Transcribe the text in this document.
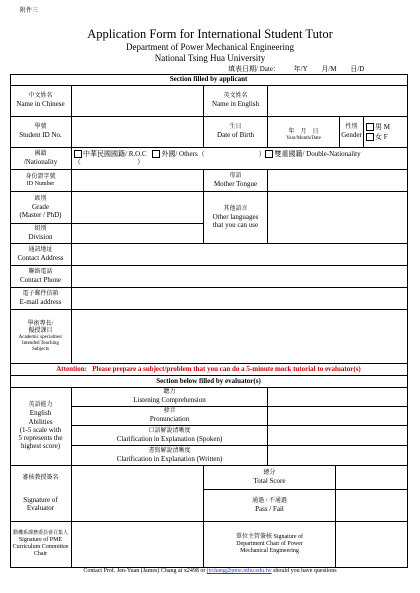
附件三
Application Form for International Student Tutor
Department of Power Mechanical Engineering
National Tsing Hua University
填表日期/ Date： 年/Y 月/M 日/D
Section filled by applicant
中文姓名
Name in Chinese
英文姓名
Name in English
學號
Student ID No.
生日
Date of Birth	年　月　日
Year/Month/Date
性別
Gender
男 M
女 F
國籍
/Nationality
中華民國國籍/ R.O.C 外國/ Others（	） 雙重國籍/ Double-Nationality
（　　　　　　　　）
身份證字號
ID Number
母語
Mother Tongue
級別
Grade
(Master / PhD)
其他語言
Other languages
that you can use
組別
Division
通訊地址
Contact Address
聯絡電話
Contact Phone
電子郵件信箱
E-mail address
學術專長/
擬授課目
Academic specialties/
Intended Teaching
Subjects
Attention:
Please prepare a subject/problem that you can do a 5-minute mock tutorial to evaluator(s)
Section below filled by evaluator(s)
英語能力
English
Abilities
(1-5 scale with
5 represents the
highest score)
聽力
Listening Comprehension
發音
Pronunciation
口語解說清晰度
Clarification in Explanation (Spoken)
書寫解說清晰度
Clarification in Explanation (Written)
審核教授簽名
Signature of
Evaluator
總分
Total Score
通過 / 不通過
Pass / Fail
動機系課務委員會召集人
Signature of PME
Curriculum Committee
Chair
單位主管簽核 Signature of
Department Chair of Power
Mechanical Engineering
Contact Prof. Jen-Yuan (James) Chang at x2498 or jychang@pme.nthu.edu.tw should you have questions
